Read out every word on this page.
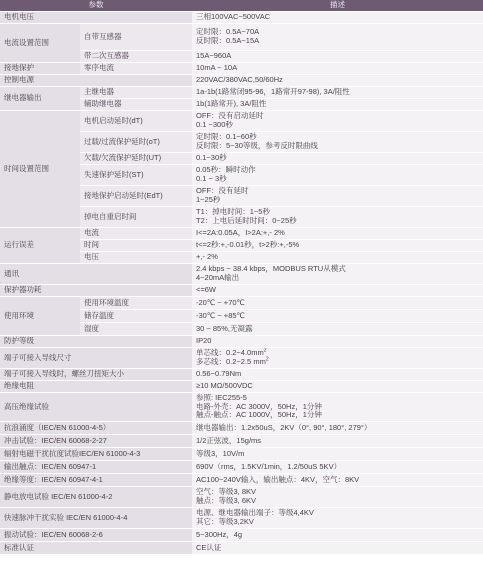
参数		描述
电机电压		三相100VAC~500VAC
电流设置范围	自带互感器	定时限：0.5A~70A
反时限：0.5A~15A

	带二次互感器	15A~960A
接地保护	零序电流	10mA ~ 10A
控制电源		220VAC/380VAC,50/60Hz
继电器输出	主继电器	1a-1b(1路常闭95-96，1路常开97-98), 3A/阻性
	辅助继电器	1b(1路常开), 3A/阻性
时间设置范围	电机启动延时(dT)	OFF：没有启动延时
0.1 ~300秒

	过载/过流保护延时(oT)	定时限：0.1~60秒
反时限：5~30等级，参考反时限曲线

	欠载/欠流保护延时(UT)	0.1~30秒
	失速保护延时(ST)	0.05秒：瞬时动作
0.1 ~ 3秒

	接地保护启动延时(EdT)	OFF：没有延时
1~25秒

	掉电自重启时间	T1：掉电时间：1~5秒
T2：上电后延时时间：0~25秒

运行误差	电流	I<=2A:0.05A，I>2A:+,- 2%
	时间	t<=2秒:+,-0.01秒，t>2秒:+,-5%
	电压	+,- 2%
通讯		2.4 kbps ~ 38.4 kbps，MODBUS RTU从模式
4~20mA输出

保护器功耗		<=6W
使用环境	使用环境温度	-20℃ ~ +70℃
	储存温度	-30℃ ~ +85℃
	湿度	30 ~ 85%,无凝露
防护等级		IP20
端子可接入导线尺寸		单芯线：$0.2\sim 4.0mm^2$
多芯线：0.2~2.5 $mm^2$

端子可接入导线时，螺丝刀扭矩大小		0.56~0.79Nm
绝缘电阻		≥10 MΩ/500VDC
高压绝缘试验		参照: IEC255-5
电路-外壳：AC 3000V，50Hz，1分钟
触点-触点：AC 1000V，50Hz，1分钟

抗浪涌度（IEC/EN 61000-4-5）		继电器输出：1.2x50uS，2KV（0°, 90°, 180°, 279°）
冲击试验：IEC/EN 60068-2-27		1/2正弦波，15g/ms
辐射电磁干扰抗度试验IEC/EN 61000-4-3		等级3，10V/m
输出触点：IEC/EN 60947-1		690V（rms，1.5KV/1min，1.2/50uS 5KV）
绝缘等度：IEC/EN 60947-4-1		AC100~240V输入，输出触点：4KV，空气：8KV
静电放电试验 IEC/EN 61000-4-2		空气：等级3, 8KV
触点：等级3, 6KV

快速脉冲干扰实验 IEC/EN 61000-4-4		电源、继电器输出端子：等级4,4KV
其它：等级3,2KV

振动试验：IEC/EN 60068-2-6		5~300Hz，4g
标准认证		CE认证
